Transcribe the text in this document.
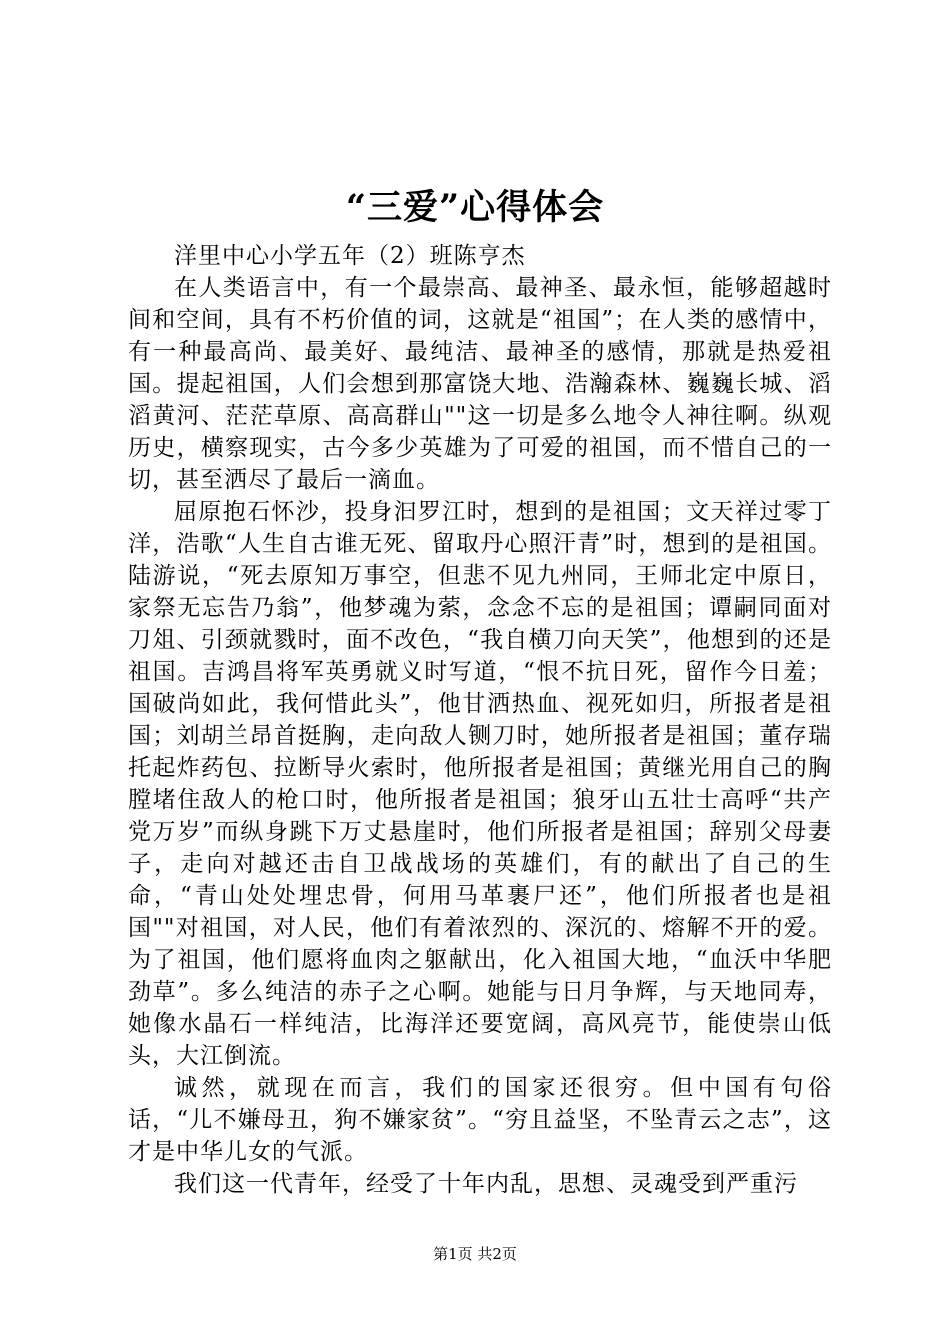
“三爱”心得体会

洋里中心小学五年（2）班陈亨杰

在人类语言中，有一个最崇高、最神圣、最永恒，能够超越时间和空间，具有不朽价值的词，这就是“祖国”；在人类的感情中，有一种最高尚、最美好、最纯洁、最神圣的感情，那就是热爱祖国。提起祖国，人们会想到那富饶大地、浩瀚森林、巍巍长城、滔滔黄河、茫茫草原、高高群山""这一切是多么地令人神往啊。纵观历史，横察现实，古今多少英雄为了可爱的祖国，而不惜自己的一切，甚至洒尽了最后一滴血。

屈原抱石怀沙，投身汩罗江时，想到的是祖国；文天祥过零丁洋，浩歌“人生自古谁无死、留取丹心照汗青”时，想到的是祖国。陆游说，“死去原知万事空，但悲不见九州同，王师北定中原日，家祭无忘告乃翁”，他梦魂为萦，念念不忘的是祖国；谭嗣同面对刀俎、引颈就戮时，面不改色，“我自横刀向天笑”，他想到的还是祖国。吉鸿昌将军英勇就义时写道，“恨不抗日死，留作今日羞；国破尚如此，我何惜此头”，他甘洒热血、视死如归，所报者是祖国；刘胡兰昂首挺胸，走向敌人铡刀时，她所报者是祖国；董存瑞托起炸药包、拉断导火索时，他所报者是祖国；黄继光用自己的胸膛堵住敌人的枪口时，他所报者是祖国；狼牙山五壮士高呼“共产党万岁”而纵身跳下万丈悬崖时，他们所报者是祖国；辞别父母妻子，走向对越还击自卫战战场的英雄们，有的献出了自己的生命，“青山处处埋忠骨，何用马革裹尸还”，他们所报者也是祖国""对祖国，对人民，他们有着浓烈的、深沉的、熔解不开的爱。为了祖国，他们愿将血肉之躯献出，化入祖国大地，“血沃中华肥劲草”。多么纯洁的赤子之心啊。她能与日月争辉，与天地同寿，她像水晶石一样纯洁，比海洋还要宽阔，高风亮节，能使崇山低头，大江倒流。

诚然，就现在而言，我们的国家还很穷。但中国有句俗话，“儿不嫌母丑，狗不嫌家贫”。“穷且益坚，不坠青云之志”，这才是中华儿女的气派。

我们这一代青年，经受了十年内乱，思想、灵魂受到严重污

第1页 共2页
